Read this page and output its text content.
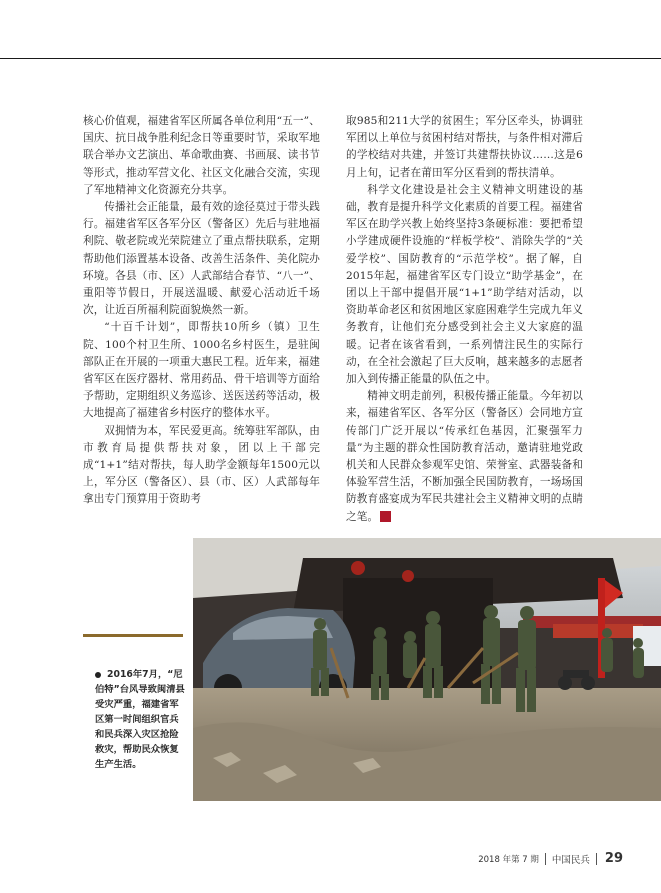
核心价值观，福建省军区所属各单位利用“五一”、国庆、抗日战争胜利纪念日等重要时节，采取军地联合举办文艺演出、革命歌曲赛、书画展、读书节等形式，推动军营文化、社区文化融合交流，实现了军地精神文化资源充分共享。

传播社会正能量，最有效的途径莫过于带头践行。福建省军区各军分区（警备区）先后与驻地福利院、敬老院或光荣院建立了重点帮扶联系，定期帮助他们添置基本设备、改善生活条件、美化院办环境。各县（市、区）人武部结合春节、“八一”、重阳等节假日，开展送温暖、献爱心活动近千场次，让近百所福利院面貌焕然一新。

“十百千计划”，即帮扶10所乡（镇）卫生院、100个村卫生所、1000名乡村医生，是驻闽部队正在开展的一项重大惠民工程。近年来，福建省军区在医疗器材、常用药品、骨干培训等方面给予帮助，定期组织义务巡诊、送医送药等活动，极大地提高了福建省乡村医疗的整体水平。

双拥情为本，军民爱更高。统筹驻军部队，由市教育局提供帮扶对象，团以上干部完成“1+1”结对帮扶，每人助学金额每年1500元以上，军分区（警备区）、县（市、区）人武部每年拿出专门预算用于资助考

取985和211大学的贫困生；军分区牵头，协调驻军团以上单位与贫困村结对帮扶，与条件相对滞后的学校结对共建，并签订共建帮扶协议……这是6月上旬，记者在莆田军分区看到的帮扶清单。

科学文化建设是社会主义精神文明建设的基础，教育是提升科学文化素质的首要工程。福建省军区在助学兴教上始终坚持3条硬标准：要把希望小学建成硬件设施的“样板学校”、消除失学的“关爱学校”、国防教育的“示范学校”。据了解，自2015年起，福建省军区专门设立“助学基金”，在团以上干部中提倡开展“1+1”助学结对活动，以资助革命老区和贫困地区家庭困难学生完成九年义务教育，让他们充分感受到社会主义大家庭的温暖。记者在该省看到，一系列情注民生的实际行动，在全社会激起了巨大反响，越来越多的志愿者加入到传播正能量的队伍之中。

精神文明走前列，积极传播正能量。今年初以来，福建省军区、各军分区（警备区）会同地方宣传部门广泛开展以“传承红色基因，汇聚强军力量”为主题的群众性国防教育活动，邀请驻地党政机关和人民群众参观军史馆、荣誉室、武器装备和体验军营生活，不断加强全民国防教育，一场场国防教育盛宴成为军民共建社会主义精神文明的点睛之笔。	Ⓜ

2016年7月，“尼伯特”台风导致闽清县受灾严重，福建省军区第一时间组织官兵和民兵深入灾区抢险救灾，帮助民众恢复生产生活。
2018 年第 7 期 中国民兵 29
